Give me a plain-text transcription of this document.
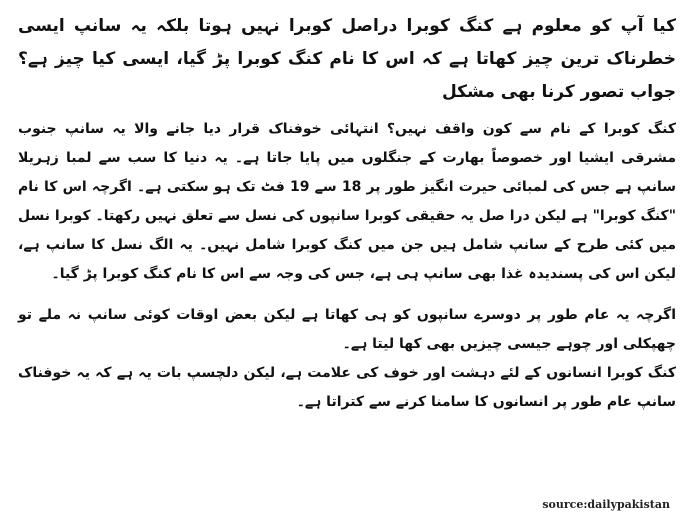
کیا آپ کو معلوم ہے کنگ کوبرا دراصل کوبرا نہیں ہوتا بلکہ یہ سانپ ایسی خطرناک ترین چیز کھاتا ہے کہ اس کا نام کنگ کوبرا پڑ گیا، ایسی کیا چیز ہے؟ جواب تصور کرنا بھی مشکل

کنگ کوبرا کے نام سے کون واقف نہیں؟ انتہائی خوفناک قرار دیا جانے والا یہ سانپ جنوب مشرقی ایشیا اور خصوصاً بھارت کے جنگلوں میں پایا جاتا ہے۔ یہ دنیا کا سب سے لمبا زہریلا سانپ ہے جس کی لمبائی حیرت انگیز طور پر 18 سے 19 فٹ تک ہو سکتی ہے۔ اگرچہ اس کا نام "کنگ کوبرا" ہے لیکن درا صل یہ حقیقی کوبرا سانپوں کی نسل سے تعلق نہیں رکھتا۔ کوبرا نسل میں کئی طرح کے سانپ شامل ہیں جن میں کنگ کوبرا شامل نہیں۔ یہ الگ نسل کا سانپ ہے، لیکن اس کی پسندیدہ غذا بھی سانپ ہی ہے، جس کی وجہ سے اس کا نام کنگ کوبرا پڑ گیا۔

اگرچہ یہ عام طور پر دوسرے سانپوں کو ہی کھاتا ہے لیکن بعض اوقات کوئی سانپ نہ ملے تو چھپکلی اور چوہے جیسی چیزیں بھی کھا لیتا ہے۔

کنگ کوبرا انسانوں کے لئے دہشت اور خوف کی علامت ہے، لیکن دلچسپ بات یہ ہے کہ یہ خوفناک سانپ عام طور پر انسانوں کا سامنا کرنے سے کتراتا ہے۔

source:dailypakistan
